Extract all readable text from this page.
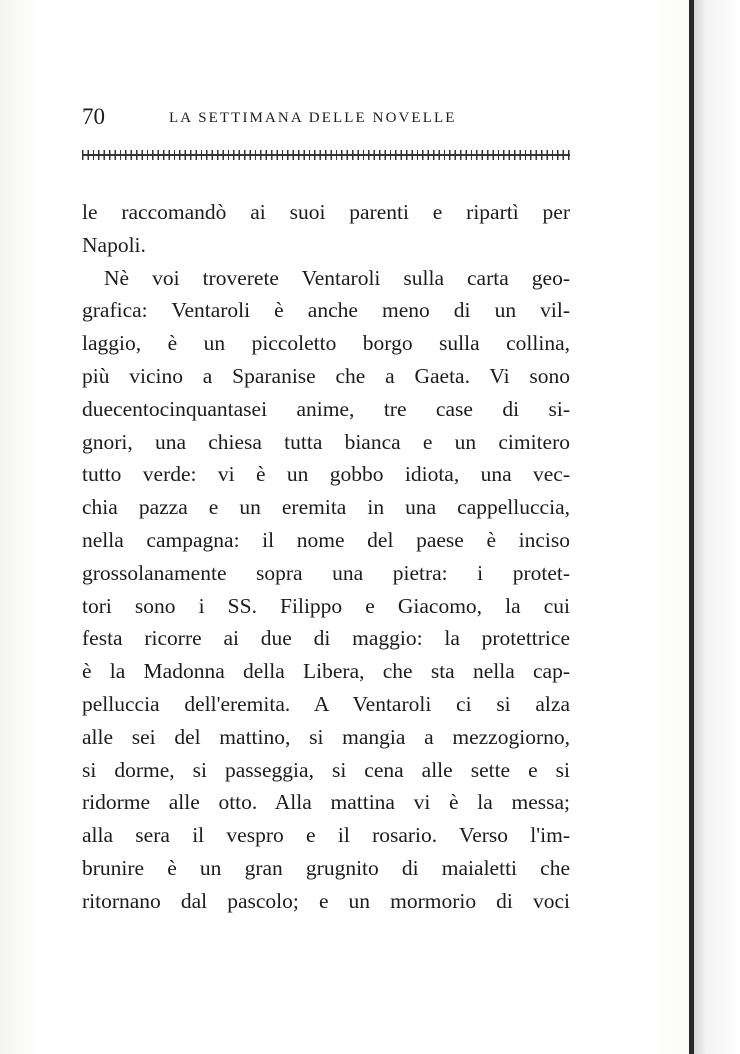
70	LA SETTIMANA DELLE NOVELLE
le raccomandò ai suoi parenti e ripartì per
Napoli.
Nè voi troverete Ventaroli sulla carta geo-
grafica: Ventaroli è anche meno di un vil-
laggio, è un piccoletto borgo sulla collina,
più vicino a Sparanise che a Gaeta. Vi sono
duecentocinquantasei anime, tre case di si-
gnori, una chiesa tutta bianca e un cimitero
tutto verde: vi è un gobbo idiota, una vec-
chia pazza e un eremita in una cappelluccia,
nella campagna: il nome del paese è inciso
grossolanamente sopra una pietra: i protet-
tori sono i SS. Filippo e Giacomo, la cui
festa ricorre ai due di maggio: la protettrice
è la Madonna della Libera, che sta nella cap-
pelluccia dell'eremita. A Ventaroli ci si alza
alle sei del mattino, si mangia a mezzogiorno,
si dorme, si passeggia, si cena alle sette e si
ridorme alle otto. Alla mattina vi è la messa;
alla sera il vespro e il rosario. Verso l'im-
brunire è un gran grugnito di maialetti che
ritornano dal pascolo; e un mormorio di voci
